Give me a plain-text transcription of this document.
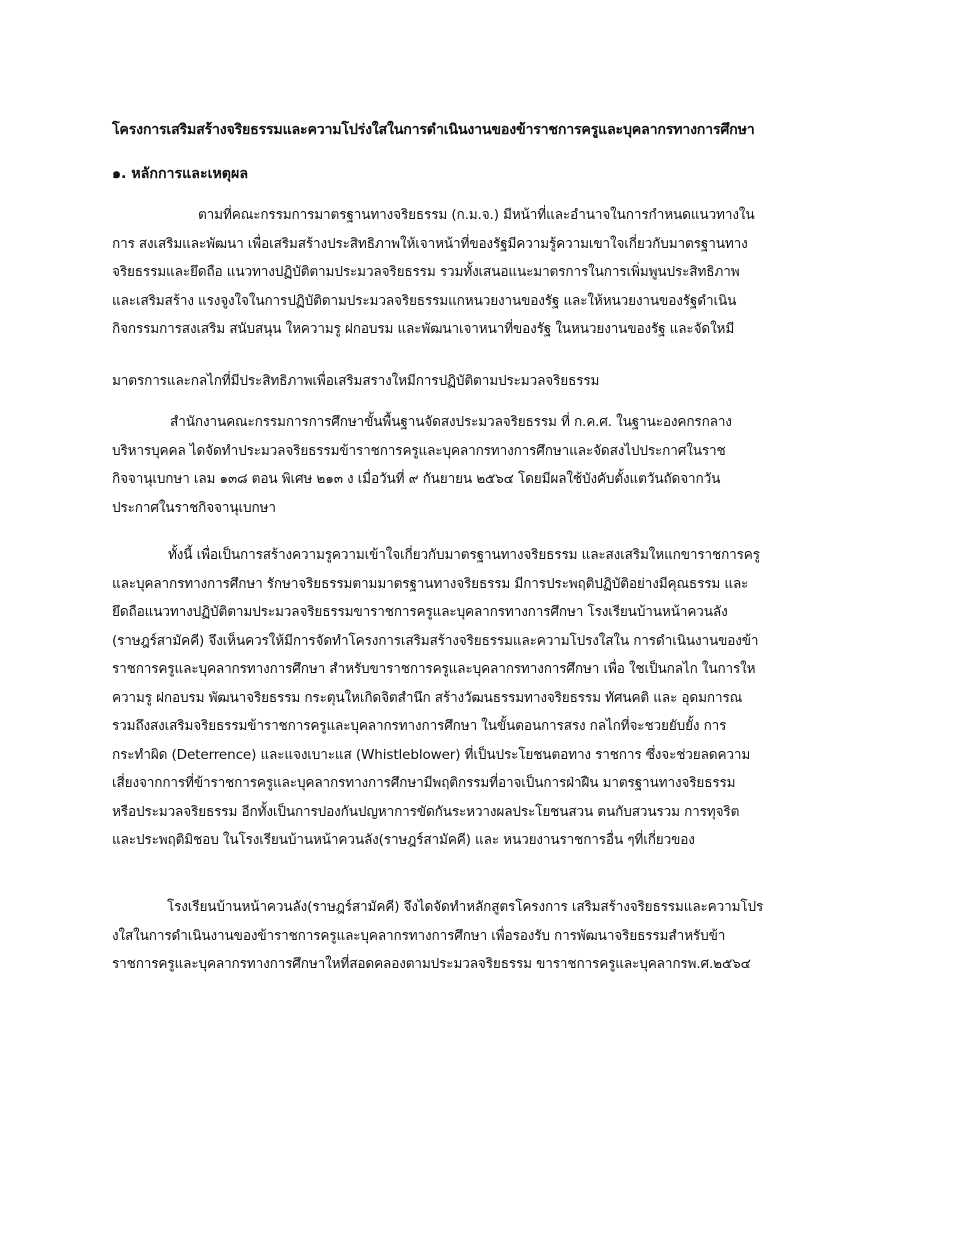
โครงการเสริมสร้างจริยธรรมและความโปร่งใสในการดำเนินงานของข้าราชการครูและบุคลากรทางการศึกษา
๑. หลักการและเหตุผล
ตามที่คณะกรรมการมาตรฐานทางจริยธรรม (ก.ม.จ.) มีหน้าที่และอำนาจในการกำหนดแนวทางใน
การ สงเสริมและพัฒนา เพื่อเสริมสร้างประสิทธิภาพให้เจาหน้าที่ของรัฐมีความรู้ความเขาใจเกี่ยวกับมาตรฐานทาง
จริยธรรมและยึดถือ แนวทางปฏิบัติตามประมวลจริยธรรม รวมทั้งเสนอแนะมาตรการในการเพิ่มพูนประสิทธิภาพ
และเสริมสร้าง แรงจูงใจในการปฏิบัติตามประมวลจริยธรรมแกหนวยงานของรัฐ และให้หนวยงานของรัฐดำเนิน
กิจกรรมการสงเสริม สนับสนุน ใหความรู ฝกอบรม และพัฒนาเจาหนาที่ของรัฐ ในหนวยงานของรัฐ และจัดใหมี
มาตรการและกลไกที่มีประสิทธิภาพเพื่อเสริมสรางใหมีการปฏิบัติตามประมวลจริยธรรม
สำนักงานคณะกรรมการการศึกษาขั้นพื้นฐานจัดสงประมวลจริยธรรม ที่ ก.ค.ศ. ในฐานะองคกรกลาง
บริหารบุคคล ไดจัดทำประมวลจริยธรรมข้าราชการครูและบุคลากรทางการศึกษาและจัดสงไปประกาศในราช
กิจจานุเบกษา เลม ๑๓๘ ตอน พิเศษ ๒๑๓ ง เมื่อวันที่ ๙ กันยายน ๒๕๖๔ โดยมีผลใช้บังคับตั้งแตวันถัดจากวัน
ประกาศในราชกิจจานุเบกษา
ทั้งนี้ เพื่อเป็นการสร้างความรูความเข้าใจเกี่ยวกับมาตรฐานทางจริยธรรม และสงเสริมใหแกขาราชการครู
และบุคลากรทางการศึกษา รักษาจริยธรรมตามมาตรฐานทางจริยธรรม มีการประพฤติปฏิบัติอย่างมีคุณธรรม และ
ยึดถือแนวทางปฏิบัติตามประมวลจริยธรรมขาราชการครูและบุคลากรทางการศึกษา โรงเรียนบ้านหน้าควนลัง
(ราษฎร์สามัคคี) จึงเห็นควรให้มีการจัดทำโครงการเสริมสร้างจริยธรรมและความโปรงใสใน การดำเนินงานของข้า
ราชการครูและบุคลากรทางการศึกษา สำหรับขาราชการครูและบุคลากรทางการศึกษา เพื่อ ใชเป็นกลไก ในการให
ความรู ฝกอบรม พัฒนาจริยธรรม กระตุนใหเกิดจิตสำนึก สร้างวัฒนธรรมทางจริยธรรม ทัศนคติ และ อุดมการณ
รวมถึงสงเสริมจริยธรรมข้าราชการครูและบุคลากรทางการศึกษา ในขั้นตอนการสรง กลไกที่จะชวยยับยั้ง การ
กระทำผิด (Deterrence) และแจงเบาะแส (Whistleblower) ที่เป็นประโยชนตอทาง ราชการ ซึ่งจะช่วยลดความ
เสี่ยงจากการที่ข้าราชการครูและบุคลากรทางการศึกษามีพฤติกรรมที่อาจเป็นการฝ่าฝืน มาตรฐานทางจริยธรรม
หรือประมวลจริยธรรม อีกทั้งเป็นการปองกันปญหาการขัดกันระหวางผลประโยชนสวน ตนกับสวนรวม การทุจริต
และประพฤติมิชอบ ในโรงเรียนบ้านหน้าควนลัง(ราษฎร์สามัคคี) และ หนวยงานราชการอื่น ๆที่เกี่ยวของ
โรงเรียนบ้านหน้าควนลัง(ราษฎร์สามัคคี) จึงไดจัดทำหลักสูตรโครงการ เสริมสร้างจริยธรรมและความโปร
งใสในการดำเนินงานของข้าราชการครูและบุคลากรทางการศึกษา เพื่อรองรับ การพัฒนาจริยธรรมสำหรับข้า
ราชการครูและบุคลากรทางการศึกษาใหที่สอดคลองตามประมวลจริยธรรม ขาราชการครูและบุคลากรพ.ศ.๒๕๖๔
